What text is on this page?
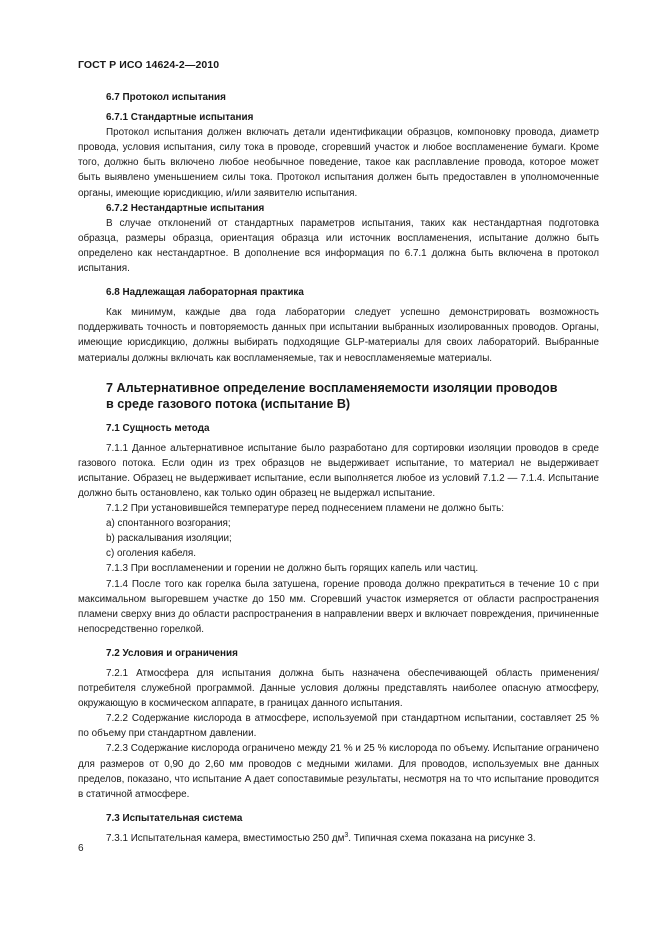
ГОСТ Р ИСО 14624-2—2010
6.7 Протокол испытания
6.7.1 Стандартные испытания

Протокол испытания должен включать детали идентификации образцов, компоновку провода, диаметр провода, условия испытания, силу тока в проводе, сгоревший участок и любое воспламенение бумаги. Кроме того, должно быть включено любое необычное поведение, такое как расплавление провода, которое может быть выявлено уменьшением силы тока. Протокол испытания должен быть предоставлен в уполномоченные органы, имеющие юрисдикцию, и/или заявителю испытания.

6.7.2 Нестандартные испытания

В случае отклонений от стандартных параметров испытания, таких как нестандартная подготовка образца, размеры образца, ориентация образца или источник воспламенения, испытание должно быть определено как нестандартное. В дополнение вся информация по 6.7.1 должна быть включена в протокол испытания.

6.8 Надлежащая лабораторная практика

Как минимум, каждые два года лаборатории следует успешно демонстрировать возможность поддерживать точность и повторяемость данных при испытании выбранных изолированных проводов. Органы, имеющие юрисдикцию, должны выбирать подходящие GLP-материалы для своих лабораторий. Выбранные материалы должны включать как воспламеняемые, так и невоспламеняемые материалы.

7 Альтернативное определение воспламеняемости изоляции проводов
в среде газового потока (испытание B)
7.1 Сущность метода

7.1.1 Данное альтернативное испытание было разработано для сортировки изоляции проводов в среде газового потока. Если один из трех образцов не выдерживает испытание, то материал не выдерживает испытание. Образец не выдерживает испытание, если выполняется любое из условий 7.1.2 — 7.1.4. Испытание должно быть остановлено, как только один образец не выдержал испытание.

7.1.2 При установившейся температуре перед поднесением пламени не должно быть:

a) спонтанного возгорания;
b) раскалывания изоляции;
c) оголения кабеля.

7.1.3 При воспламенении и горении не должно быть горящих капель или частиц.

7.1.4 После того как горелка была затушена, горение провода должно прекратиться в течение 10 с при максимальном выгоревшем участке до 150 мм. Сгоревший участок измеряется от области распространения пламени сверху вниз до области распространения в направлении вверх и включает повреждения, причиненные непосредственно горелкой.

7.2 Условия и ограничения

7.2.1 Атмосфера для испытания должна быть назначена обеспечивающей область применения/потребителя служебной программой. Данные условия должны представлять наиболее опасную атмосферу, окружающую в космическом аппарате, в границах данного испытания.

7.2.2 Содержание кислорода в атмосфере, используемой при стандартном испытании, составляет 25 % по объему при стандартном давлении.

7.2.3 Содержание кислорода ограничено между 21 % и 25 % кислорода по объему. Испытание ограничено для размеров от 0,90 до 2,60 мм проводов с медными жилами. Для проводов, используемых вне данных пределов, показано, что испытание A дает сопоставимые результаты, несмотря на то что испытание проводится в статичной атмосфере.

7.3 Испытательная система

7.3.1 Испытательная камера, вместимостью 250 $дм^3$. Типичная схема показана на рисунке 3.

6
